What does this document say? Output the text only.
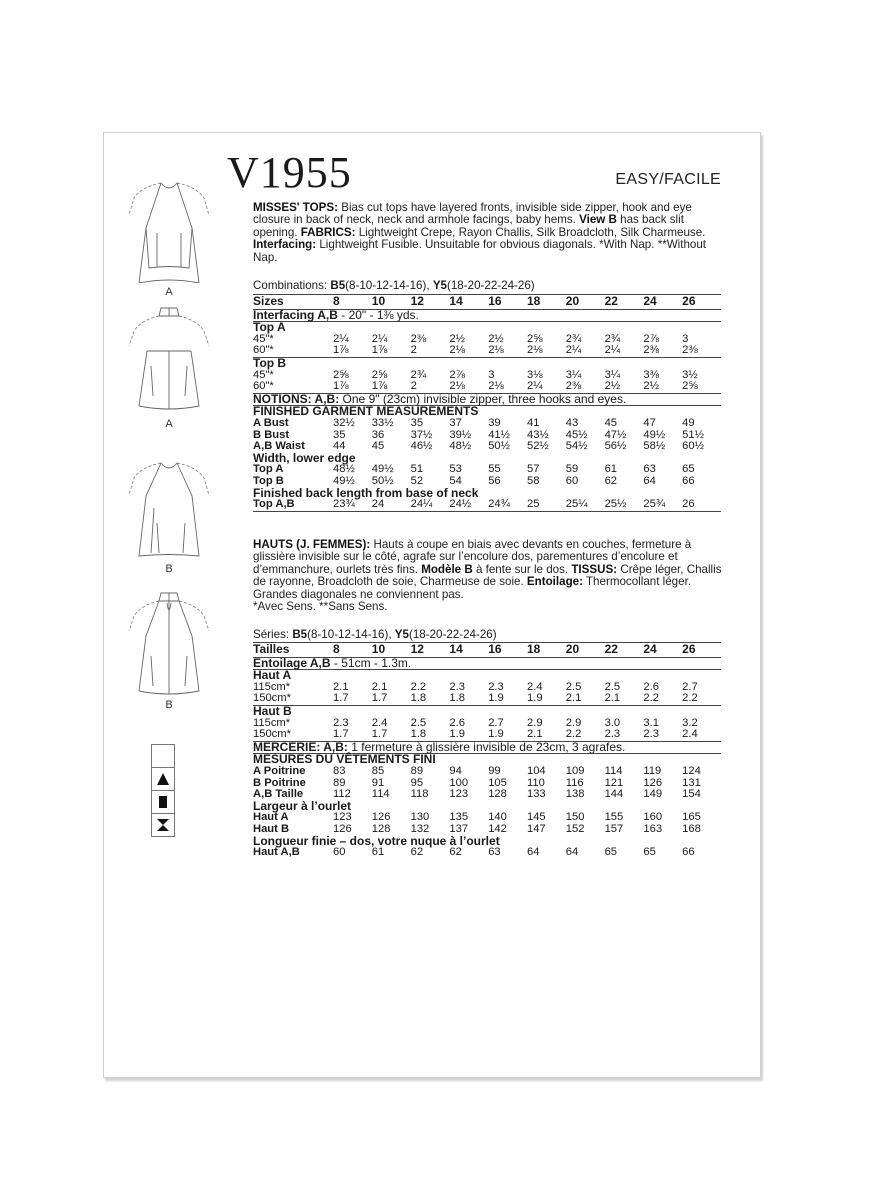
A
A
B
B
V1955	EASY/FACILE
MISSES' TOPS: Bias cut tops have layered fronts, invisible side zipper, hook and eye closure in back of neck, neck and armhole facings, baby hems. View B has back slit opening. FABRICS: Lightweight Crepe, Rayon Challis, Silk Broadcloth, Silk Charmeuse. Interfacing: Lightweight Fusible. Unsuitable for obvious diagonals. *With Nap. **Without Nap.
Combinations: B5(8-10-12-14-16), Y5(18-20-22-24-26)
Sizes	8	10	12	14	16	18	20	22	24	26
Interfacing A,B - 20" - 1⅜ yds.										
Top A										
45"*	2¼	2¼	2⅜	2½	2½	2⅝	2¾	2¾	2⅞	3
60"*	1⅞	1⅞	2	2⅛	2⅛	2⅛	2¼	2¼	2⅜	2⅜
Top B										
45"*	2⅝	2⅝	2¾	2⅞	3	3⅛	3¼	3¼	3⅜	3½
60"*	1⅞	1⅞	2	2⅛	2⅛	2¼	2⅜	2½	2½	2⅝
NOTIONS: A,B: One 9" (23cm) invisible zipper, three hooks and eyes.										
FINISHED GARMENT MEASUREMENTS										
A Bust	32½	33½	35	37	39	41	43	45	47	49
B Bust	35	36	37½	39½	41½	43½	45½	47½	49½	51½
A,B Waist	44	45	46½	48½	50½	52½	54½	56½	58½	60½
Width, lower edge										
Top A	48½	49½	51	53	55	57	59	61	63	65
Top B	49½	50½	52	54	56	58	60	62	64	66
Finished back length from base of neck										
Top A,B	23¾	24	24¼	24½	24¾	25	25¼	25½	25¾	26
HAUTS (J. FEMMES): Hauts à coupe en biais avec devants en couches, fermeture à glissière invisible sur le côté, agrafe sur l’encolure dos, parementures d’encolure et d’emmanchure, ourlets très fins. Modèle B à fente sur le dos. TISSUS: Crêpe léger, Challis de rayonne, Broadcloth de soie, Charmeuse de soie. Entoilage: Thermocollant léger. Grandes diagonales ne conviennent pas.
*Avec Sens. **Sans Sens.
Séries: B5(8-10-12-14-16), Y5(18-20-22-24-26)
Tailles	8	10	12	14	16	18	20	22	24	26
Entoilage A,B - 51cm - 1.3m.										
Haut A										
115cm*	2.1	2.1	2.2	2.3	2.3	2.4	2.5	2.5	2.6	2.7
150cm*	1.7	1.7	1.8	1.8	1.9	1.9	2.1	2.1	2.2	2.2
Haut B										
115cm*	2.3	2.4	2.5	2.6	2.7	2.9	2.9	3.0	3.1	3.2
150cm*	1.7	1.7	1.8	1.9	1.9	2.1	2.2	2.3	2.3	2.4
MERCERIE: A,B: 1 fermeture à glissière invisible de 23cm, 3 agrafes.										
MESURES DU VÊTEMENTS FINI										
A Poitrine	83	85	89	94	99	104	109	114	119	124
B Poitrine	89	91	95	100	105	110	116	121	126	131
A,B Taille	112	114	118	123	128	133	138	144	149	154
Largeur à l’ourlet										
Haut A	123	126	130	135	140	145	150	155	160	165
Haut B	126	128	132	137	142	147	152	157	163	168
Longueur finie – dos, votre nuque à l’ourlet										
Haut A,B	60	61	62	62	63	64	64	65	65	66
